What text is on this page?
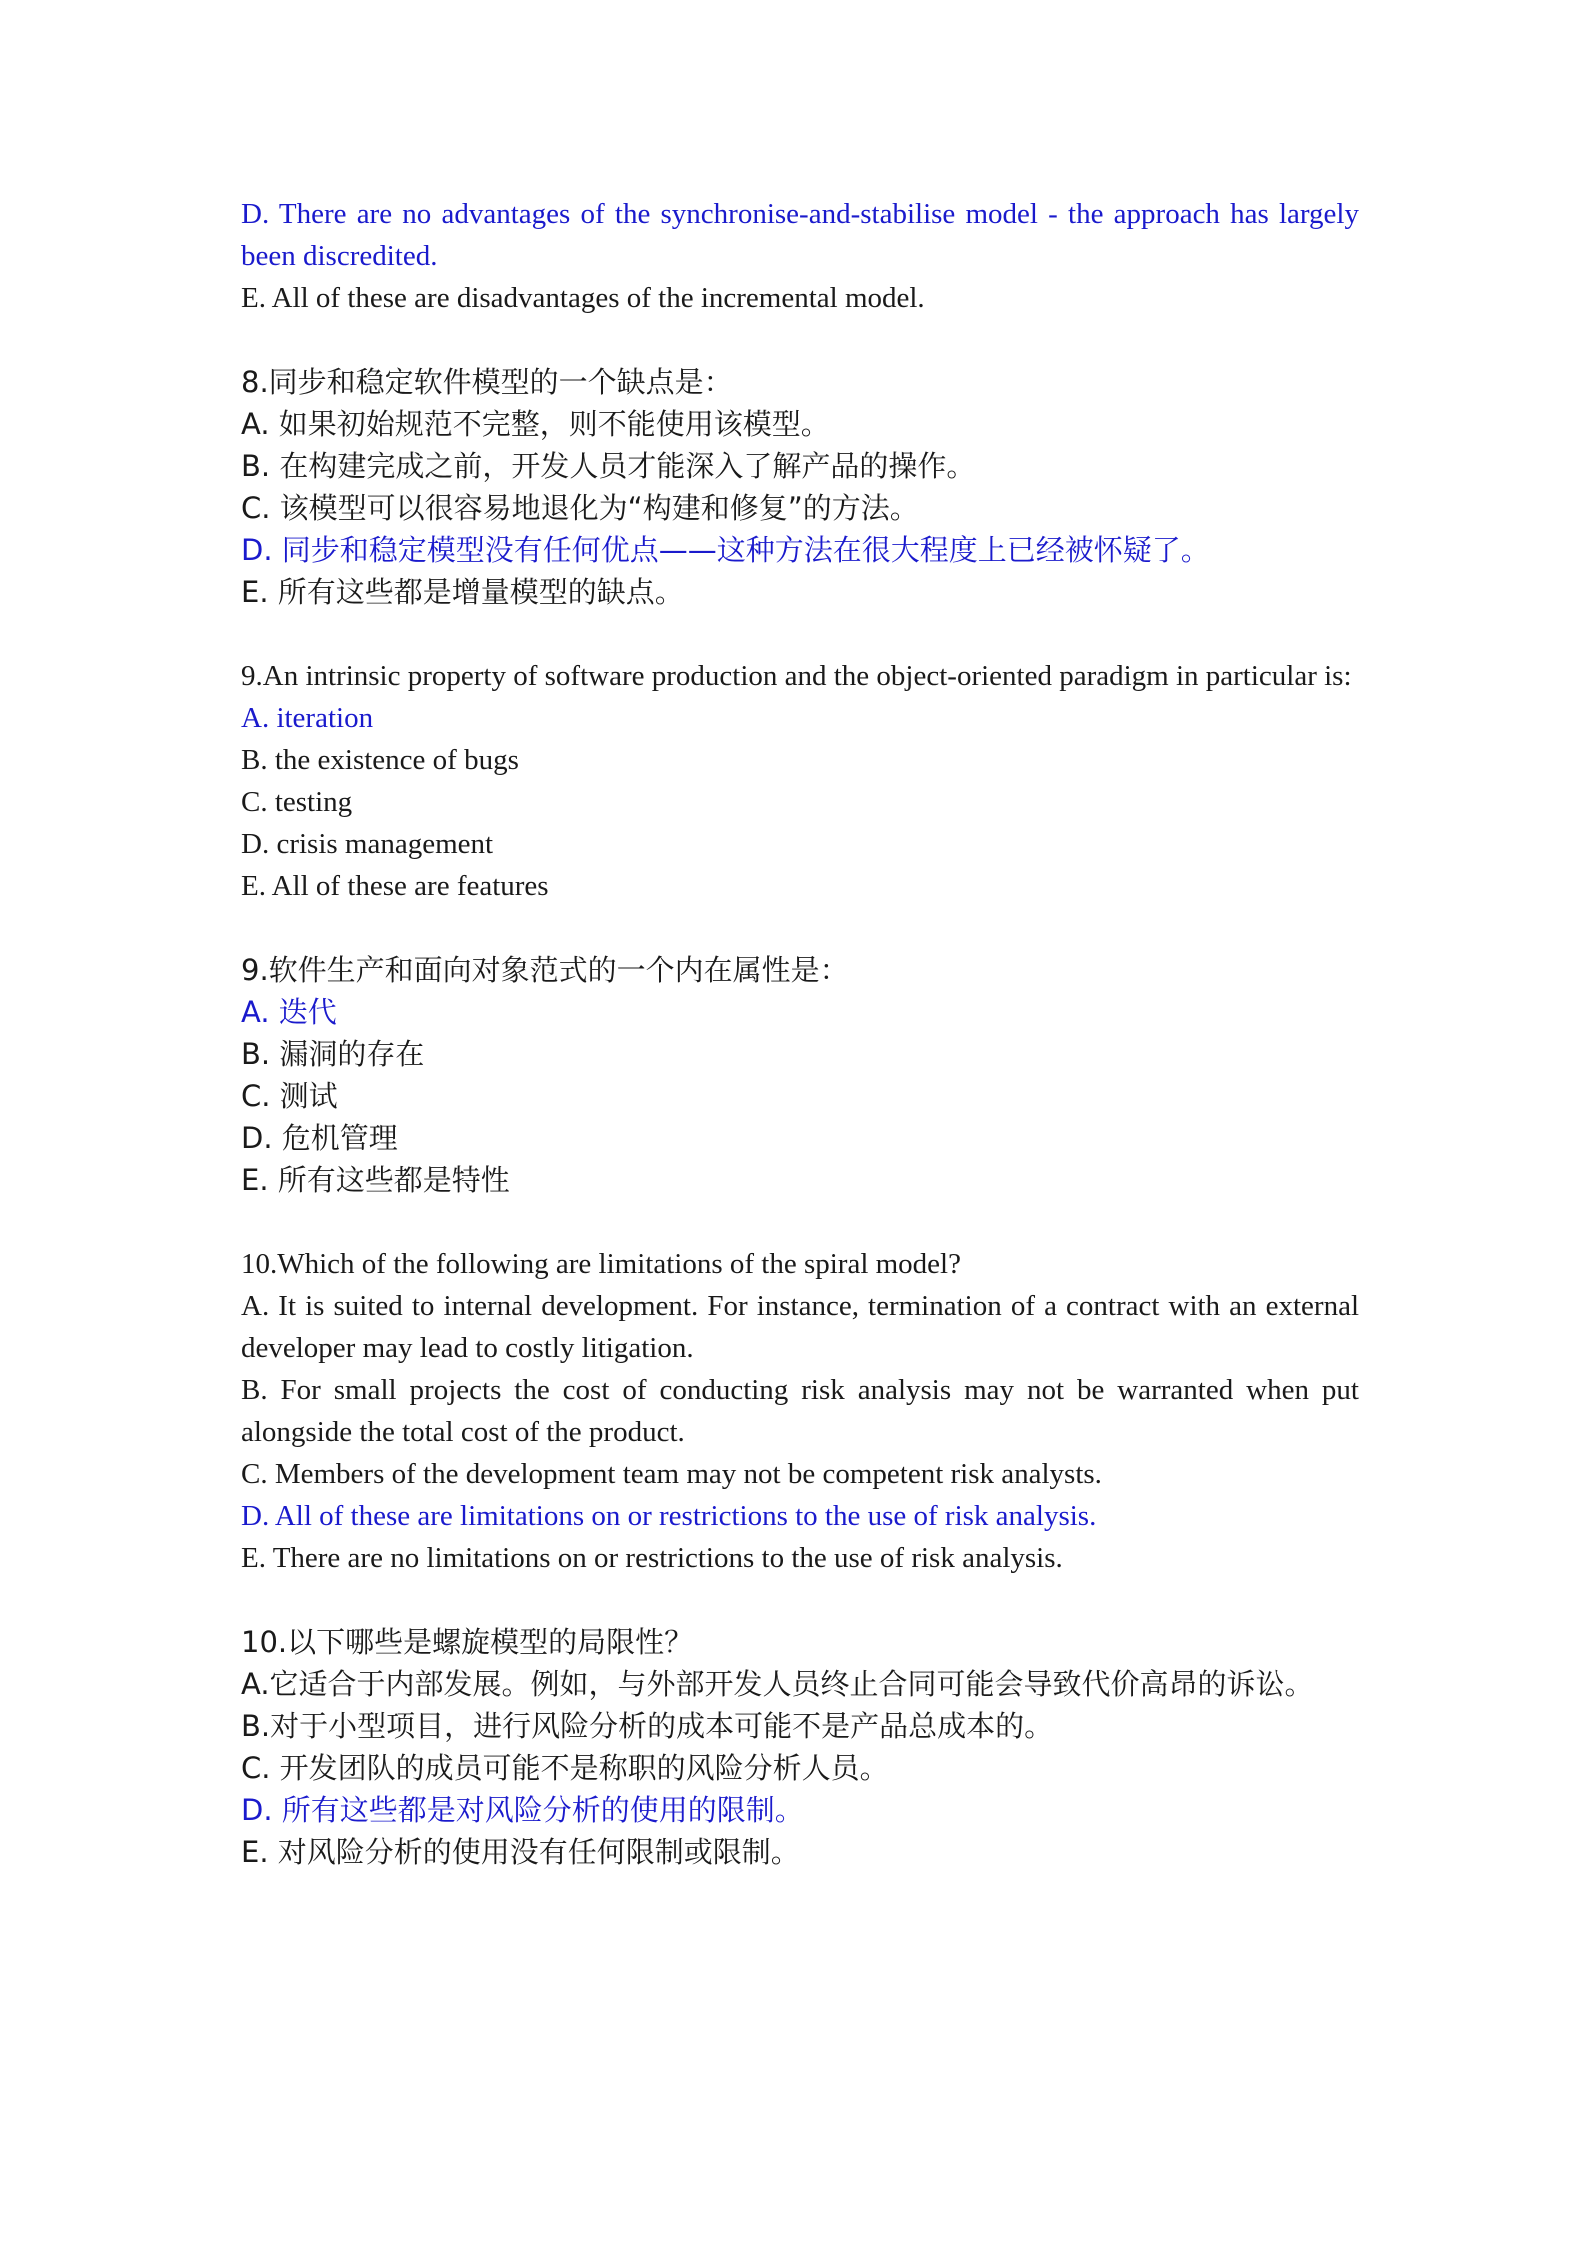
D. There are no advantages of the synchronise-and-stabilise model - the approach has largely been discredited.

E. All of these are disadvantages of the incremental model.

8.同步和稳定软件模型的一个缺点是：

A. 如果初始规范不完整，则不能使用该模型。

B. 在构建完成之前，开发人员才能深入了解产品的操作。

C. 该模型可以很容易地退化为“构建和修复”的方法。

D. 同步和稳定模型没有任何优点——这种方法在很大程度上已经被怀疑了。

E. 所有这些都是增量模型的缺点。

9.An intrinsic property of software production and the object-oriented paradigm in particular is:

A. iteration

B. the existence of bugs

C. testing

D. crisis management

E. All of these are features

9.软件生产和面向对象范式的一个内在属性是：

A. 迭代

B. 漏洞的存在

C. 测试

D. 危机管理

E. 所有这些都是特性

10.Which of the following are limitations of the spiral model?

A. It is suited to internal development. For instance, termination of a contract with an external developer may lead to costly litigation.

B. For small projects the cost of conducting risk analysis may not be warranted when put alongside the total cost of the product.

C. Members of the development team may not be competent risk analysts.

D. All of these are limitations on or restrictions to the use of risk analysis.

E. There are no limitations on or restrictions to the use of risk analysis.

10.以下哪些是螺旋模型的局限性？

A.它适合于内部发展。例如，与外部开发人员终止合同可能会导致代价高昂的诉讼。

B.对于小型项目，进行风险分析的成本可能不是产品总成本的。

C. 开发团队的成员可能不是称职的风险分析人员。

D. 所有这些都是对风险分析的使用的限制。

E. 对风险分析的使用没有任何限制或限制。
